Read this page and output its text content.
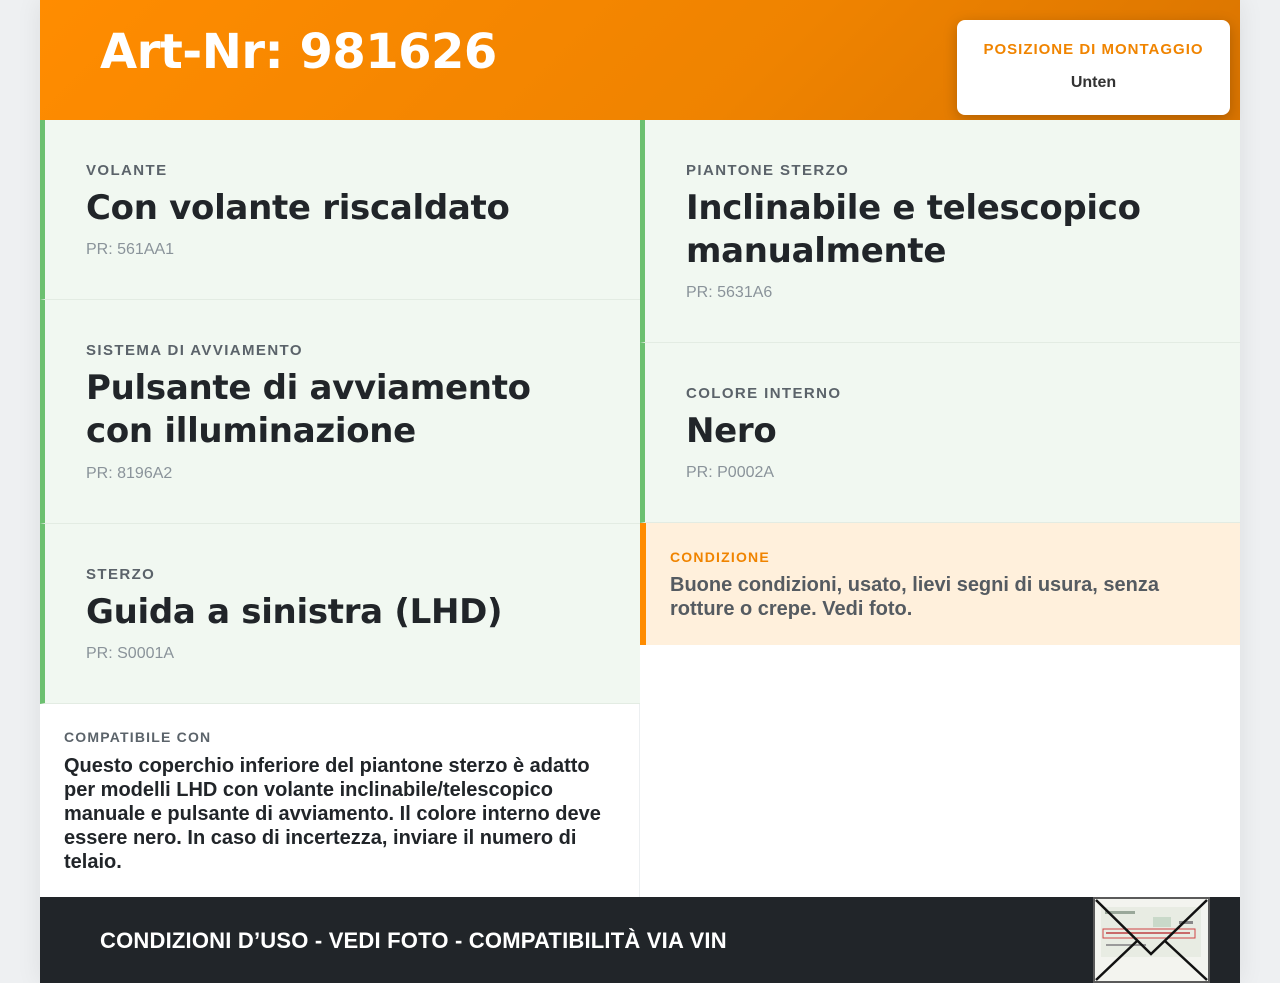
Art-Nr: 981626	POSIZIONE DI MONTAGGIO
Unten
VOLANTE
Con volante riscaldato
PR: 561AA1
SISTEMA DI AVVIAMENTO
Pulsante di avviamento con illuminazione
PR: 8196A2
STERZO
Guida a sinistra (LHD)
PR: S0001A
PIANTONE STERZO
Inclinabile e telescopico manualmente
PR: 5631A6
COLORE INTERNO
Nero
PR: P0002A
CONDIZIONE
Buone condizioni, usato, lievi segni di usura, senza rotture o crepe. Vedi foto.
COMPATIBILE CON
Questo coperchio inferiore del piantone sterzo è adatto per modelli LHD con volante inclinabile/telescopico manuale e pulsante di avviamento. Il colore interno deve essere nero. In caso di incertezza, inviare il numero di telaio.
CONDIZIONI D’USO - VEDI FOTO - COMPATIBILITÀ VIA VIN
